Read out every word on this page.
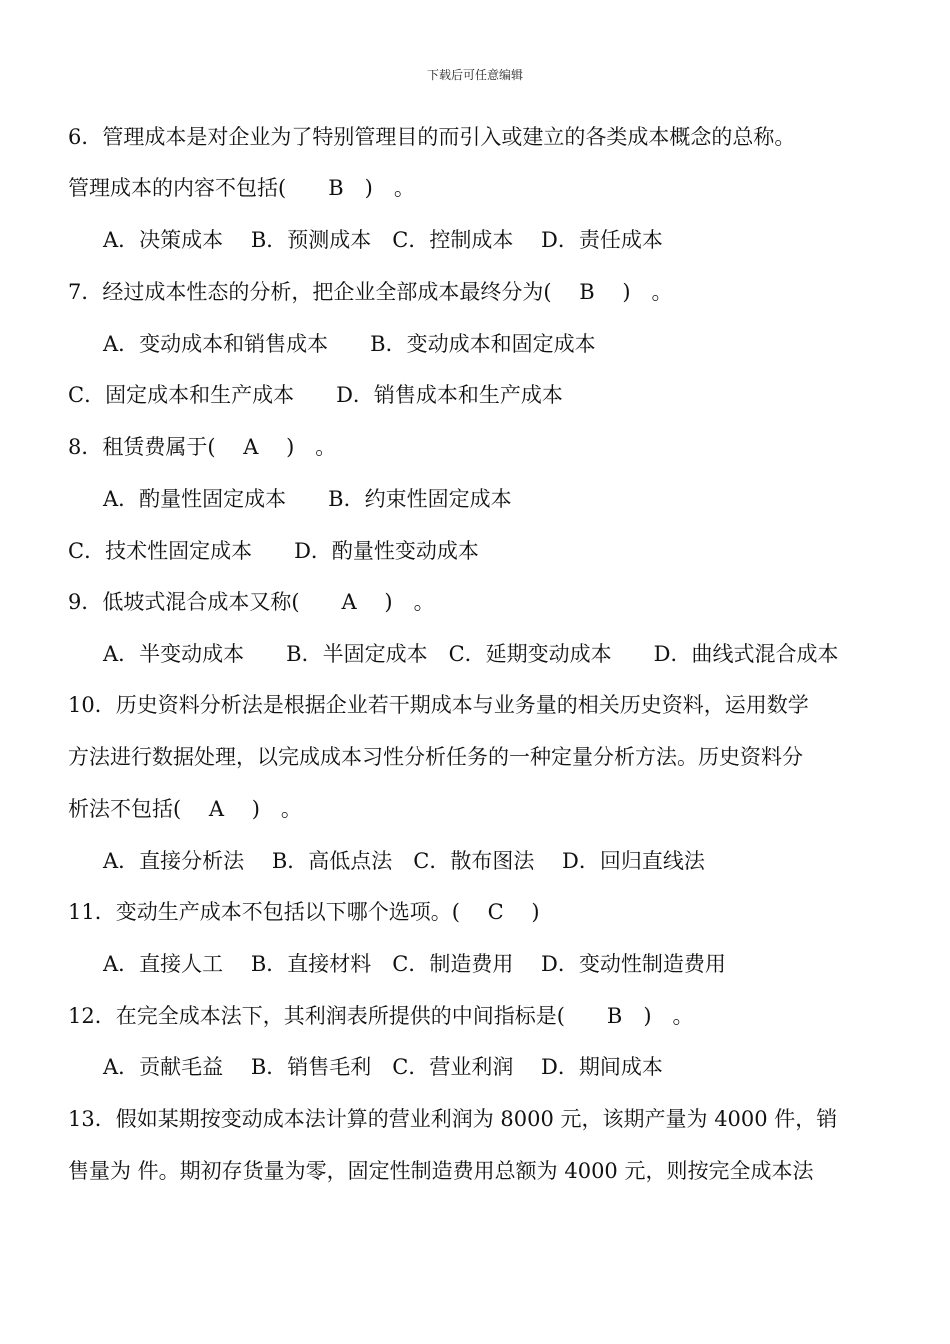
下载后可任意编辑
6．管理成本是对企业为了特别管理目的而引入或建立的各类成本概念的总称。
管理成本的内容不包括(　　B　)　。
A．决策成本　 B．预测成本　C．控制成本　 D．责任成本
7．经过成本性态的分析，把企业全部成本最终分为(　 B　 )　。
A．变动成本和销售成本　　B．变动成本和固定成本
C．固定成本和生产成本　　D．销售成本和生产成本
8．租赁费属于(　 A　 )　。
A．酌量性固定成本　　B．约束性固定成本
C．技术性固定成本　　D．酌量性变动成本
9．低坡式混合成本又称(　　A　 )　。
A．半变动成本　　B．半固定成本　C．延期变动成本　　D．曲线式混合成本
10．历史资料分析法是根据企业若干期成本与业务量的相关历史资料，运用数学
方法进行数据处理，以完成成本习性分析任务的一种定量分析方法。历史资料分
析法不包括(　 A　 )　。
A．直接分析法　 B．高低点法　C．散布图法　 D．回归直线法
11．变动生产成本不包括以下哪个选项。(　 C　 )
A．直接人工　 B．直接材料　C．制造费用　 D．变动性制造费用
12．在完全成本法下，其利润表所提供的中间指标是(　　B　)　。
A．贡献毛益　 B．销售毛利　C．营业利润　 D．期间成本
13．假如某期按变动成本法计算的营业利润为 8000 元，该期产量为 4000 件，销
售量为 件。期初存货量为零，固定性制造费用总额为 4000 元，则按完全成本法
